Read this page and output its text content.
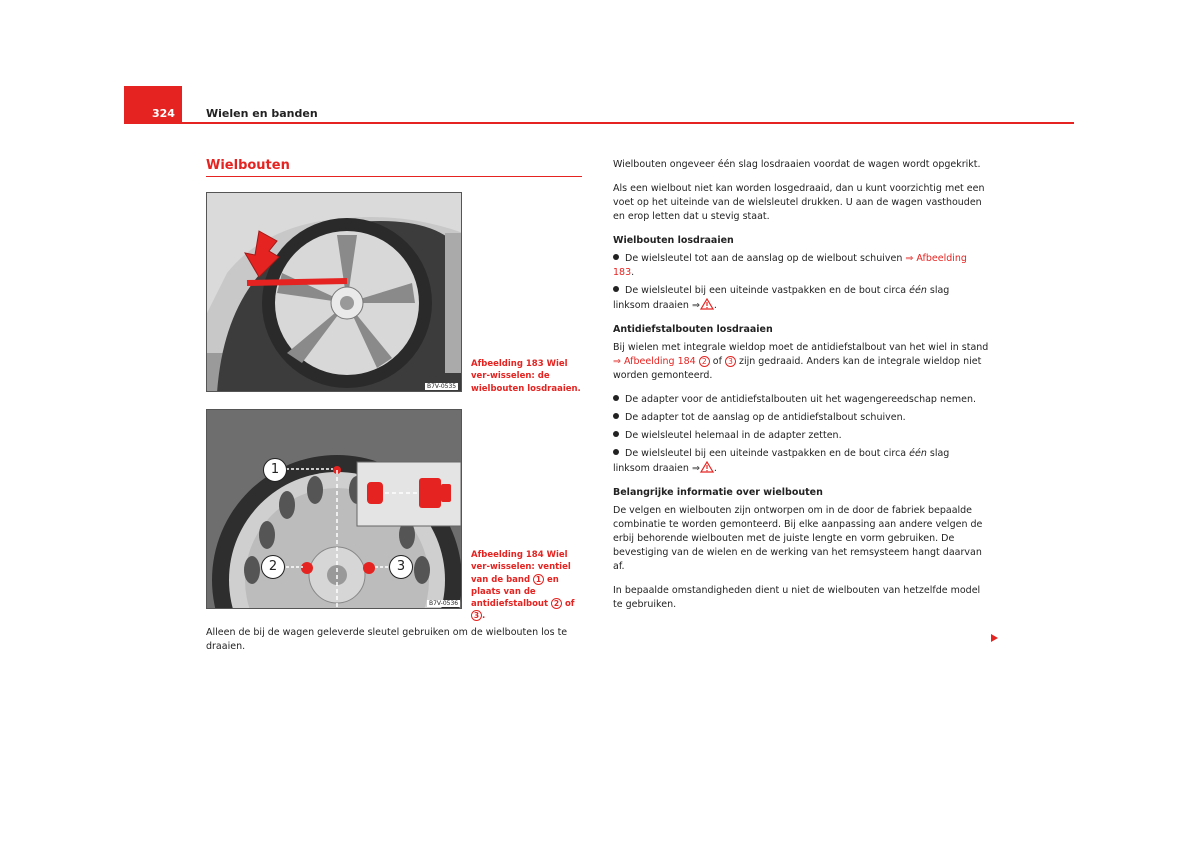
324	Wielen en banden
Wielbouten
B7V-0535
Afbeelding 183 Wiel ver-wisselen: de wielbouten losdraaien.
1
2	3
B7V-0536
Afbeelding 184 Wiel ver-wisselen: ventiel van de band 1 en plaats van de antidiefstalbout 2 of 3 .
Alleen de bij de wagen geleverde sleutel gebruiken om de wielbouten los te draaien.

Wielbouten ongeveer één slag losdraaien voordat de wagen wordt opgekrikt.

Als een wielbout niet kan worden losgedraaid, dan u kunt voorzichtig met een voet op het uiteinde van de wielsleutel drukken. U aan de wagen vasthouden en erop letten dat u stevig staat.

Wielbouten losdraaien
De wielsleutel tot aan de aanslag op de wielbout schuiven ⇒ Afbeelding 183.
De wielsleutel bij een uiteinde vastpakken en de bout circa één slag linksom draaien ⇒ .
Antidiefstalbouten losdraaien

Bij wielen met integrale wieldop moet de antidiefstalbout van het wiel in stand ⇒ Afbeelding 184 2 of 3 zijn gedraaid. Anders kan de integrale wieldop niet worden gemonteerd.

De adapter voor de antidiefstalbouten uit het wagengereedschap nemen.
De adapter tot de aanslag op de antidiefstalbout schuiven.
De wielsleutel helemaal in de adapter zetten.
De wielsleutel bij een uiteinde vastpakken en de bout circa één slag linksom draaien ⇒ .
Belangrijke informatie over wielbouten

De velgen en wielbouten zijn ontworpen om in de door de fabriek bepaalde combinatie te worden gemonteerd. Bij elke aanpassing aan andere velgen de erbij behorende wielbouten met de juiste lengte en vorm gebruiken. De bevestiging van de wielen en de werking van het remsysteem hangt daarvan af.

In bepaalde omstandigheden dient u niet de wielbouten van hetzelfde model te gebruiken.
